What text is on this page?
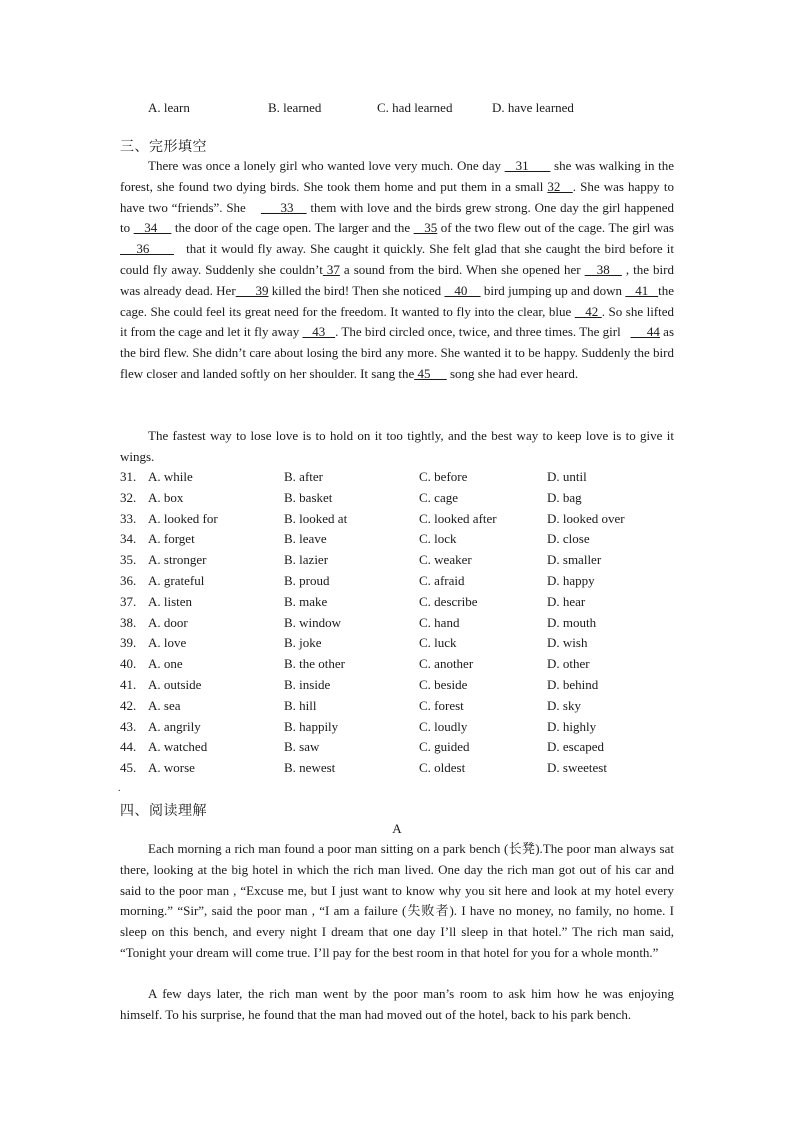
A. learn	B. learned	C. had learned	D. have learned
三、完形填空
There was once a lonely girl who wanted love very much. One day    31       she was walking in the forest, she found two dying birds. She took them home and put them in a small 32   . She was happy to have two “friends”. She    ___33__ them with love and the birds grew strong. One day the girl happened to    34     the door of the cage open. The larger and the    35 of the two flew out of the cage. The girl was     36         that it would fly away. She caught it quickly. She felt glad that she caught the bird before it could fly away. Suddenly she couldn’t 37 a sound from the bird. When she opened her    38    , the bird was already dead. Her      39 killed the bird! Then she noticed    40     bird jumping up and down    41   the cage. She could feel its great need for the freedom. It wanted to fly into the clear, blue    42 . So she lifted it from the cage and let it fly away    43   . The bird circled once, twice, and three times. The girl        44 as the bird flew. She didn’t care about losing the bird any more. She wanted it to be happy. Suddenly the bird flew closer and landed softly on her shoulder. It sang the 45      song she had ever heard.
The fastest way to lose love is to hold on it too tightly, and the best way to keep love is to give it wings.
31. A. while	B. after	C. before	D. until
32. A. box	B. basket	C. cage	D. bag
33. A. looked for	B. looked at	C. looked after	D. looked over
34. A. forget	B. leave	C. lock	D. close
35. A. stronger	B. lazier	C. weaker	D. smaller
36. A. grateful	B. proud	C. afraid	D. happy
37. A. listen	B. make	C. describe	D. hear
38. A. door	B. window	C. hand	D. mouth
39. A. love	B. joke	C. luck	D. wish
40. A. one	B. the other	C. another	D. other
41. A. outside	B. inside	C. beside	D. behind
42. A. sea	B. hill	C. forest	D. sky
43. A. angrily	B. happily	C. loudly	D. highly
44. A. watched	B. saw	C. guided	D. escaped
45. A. worse	B. newest	C. oldest	D. sweetest
.
四、阅读理解
A
Each morning a rich man found a poor man sitting on a park bench (长凳).The poor man always sat there, looking at the big hotel in which the rich man lived. One day the rich man got out of his car and said to the poor man , “Excuse me, but I just want to know why you sit here and look at my hotel every morning.” “Sir”, said the poor man , “I am a failure (失败者). I have no money, no family, no home. I sleep on this bench, and every night I dream that one day I’ll sleep in that hotel.” The rich man said, “Tonight your dream will come true. I’ll pay for the best room in that hotel for you for a whole month.”
A few days later, the rich man went by the poor man’s room to ask him how he was enjoying himself. To his surprise, he found that the man had moved out of the hotel, back to his park bench.
